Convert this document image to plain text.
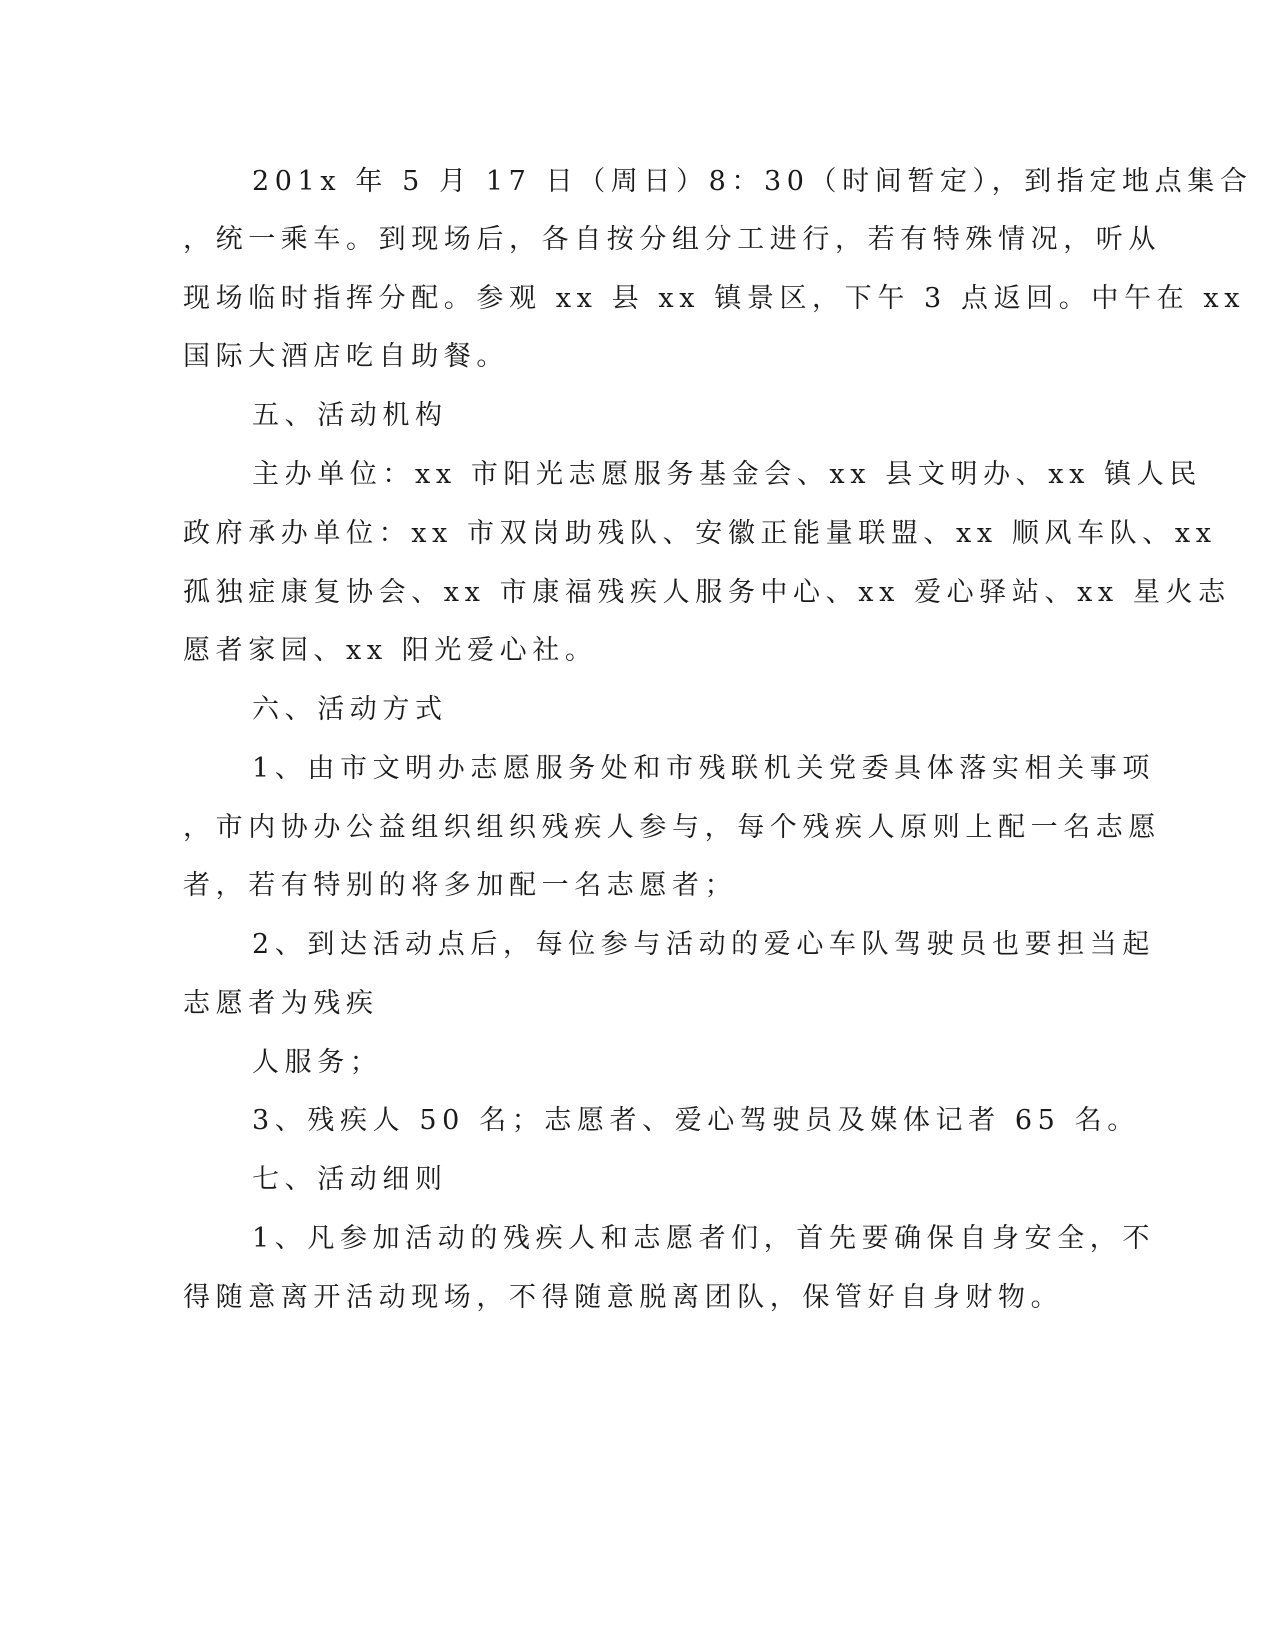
201x 年 5 月 17 日（周日）8：30（时间暂定），到指定地点集合
，统一乘车。到现场后，各自按分组分工进行，若有特殊情况，听从
现场临时指挥分配。参观 xx 县 xx 镇景区，下午 3 点返回。中午在 xx
国际大酒店吃自助餐。
五、活动机构
主办单位：xx 市阳光志愿服务基金会、xx 县文明办、xx 镇人民
政府承办单位：xx 市双岗助残队、安徽正能量联盟、xx 顺风车队、xx
孤独症康复协会、xx 市康福残疾人服务中心、xx 爱心驿站、xx 星火志
愿者家园、xx 阳光爱心社。
六、活动方式
1、由市文明办志愿服务处和市残联机关党委具体落实相关事项
，市内协办公益组织组织残疾人参与，每个残疾人原则上配一名志愿
者，若有特别的将多加配一名志愿者；
2、到达活动点后，每位参与活动的爱心车队驾驶员也要担当起
志愿者为残疾
人服务；
3、残疾人 50 名；志愿者、爱心驾驶员及媒体记者 65 名。
七、活动细则
1、凡参加活动的残疾人和志愿者们，首先要确保自身安全，不
得随意离开活动现场，不得随意脱离团队，保管好自身财物。
